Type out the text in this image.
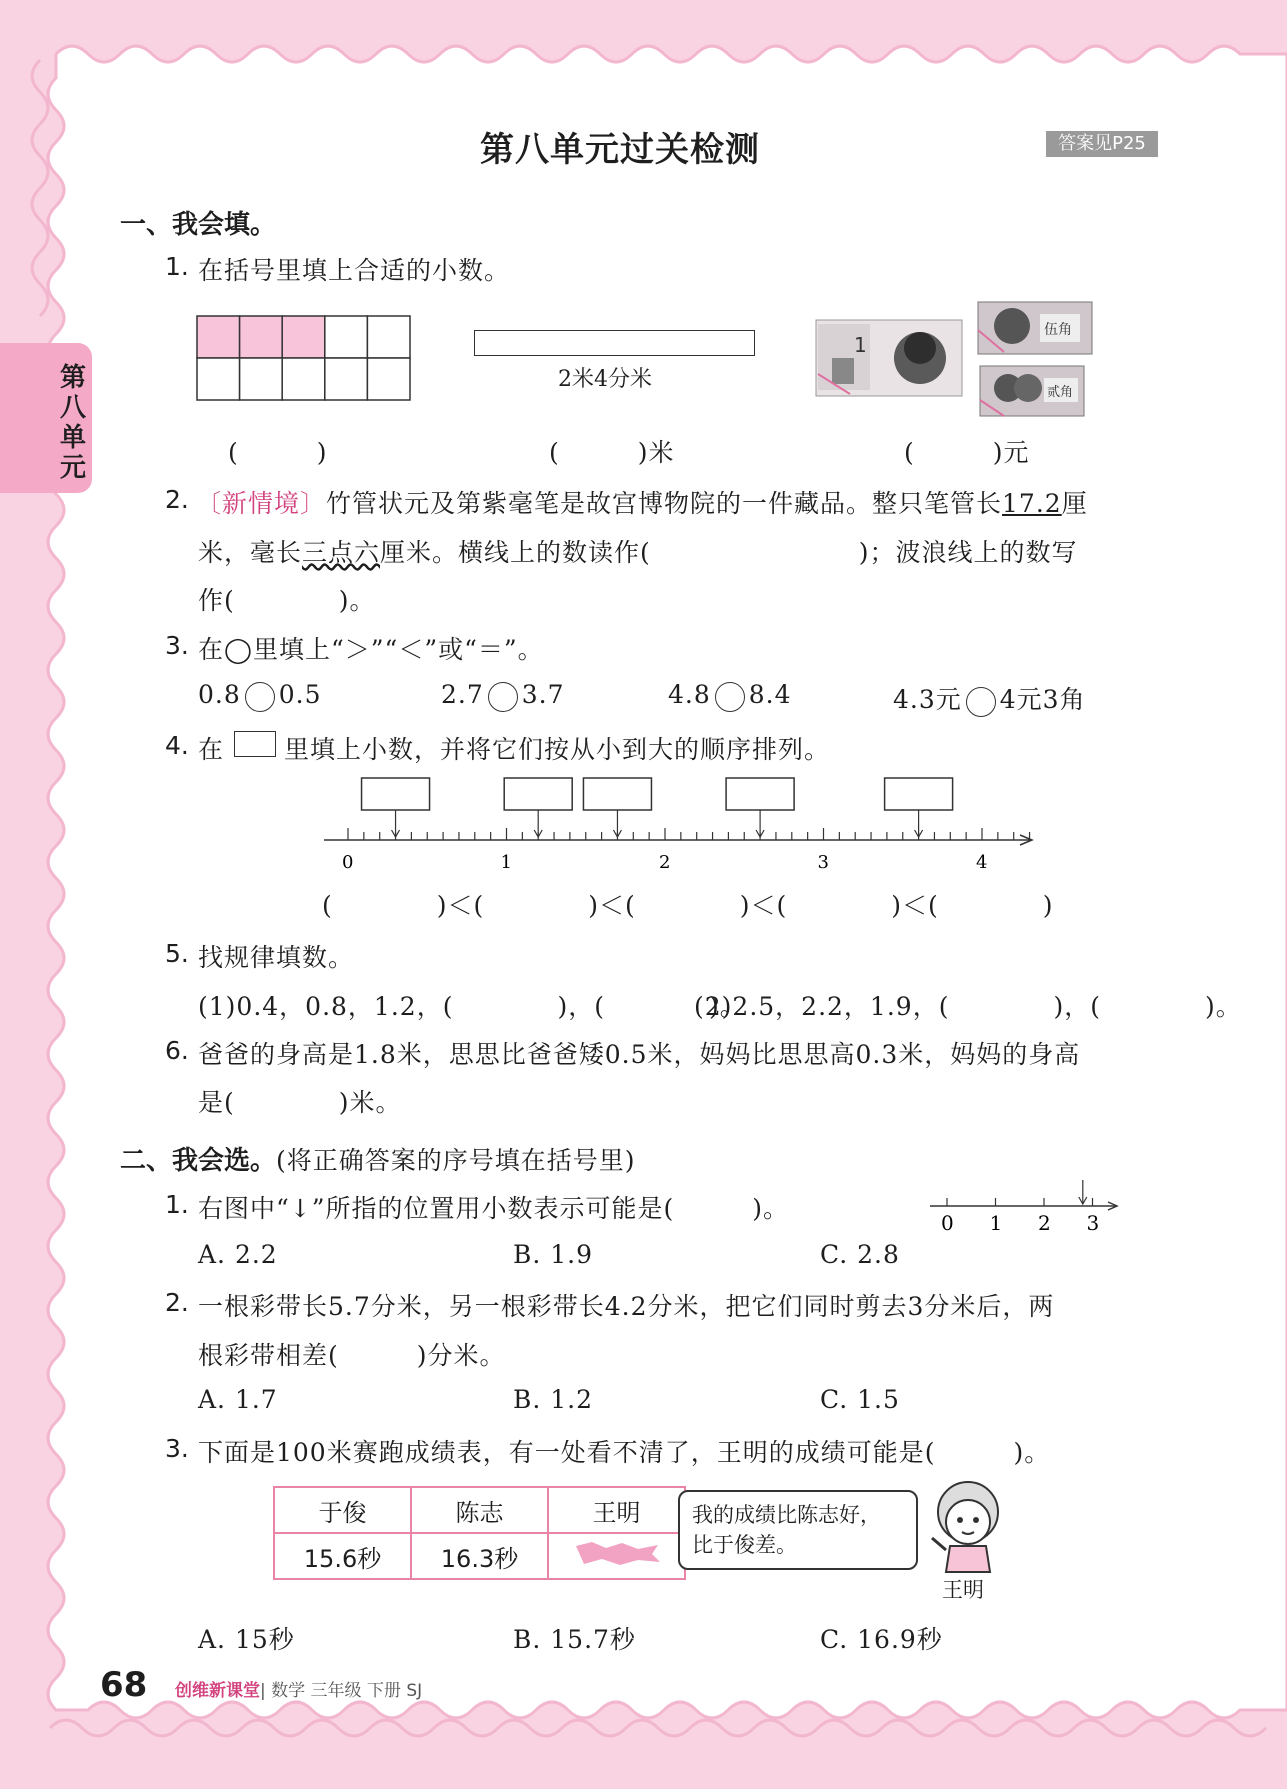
第八单元
第八单元过关检测	答案见P25
一、我会填。
1. 在括号里填上合适的小数。
2米4分米
1
伍角
贰角
(　　　)	(　　　)米	(　　　)元
2. 〔新情境〕竹管状元及第紫毫笔是故宫博物院的一件藏品。整只笔管长17.2厘
米，毫长三点六厘米。横线上的数读作(　　　　　　　　)；波浪线上的数写
作(　　　　)。
3. 在◯里填上“＞”“＜”或“＝”。
0.8 0.5	2.7 3.7	4.8 8.4	4.3元 4元3角
4. 在 里填上小数，并将它们按从小到大的顺序排列。
0	1	2	3	4
(　　　　)＜(　　　　)＜(　　　　)＜(　　　　)＜(　　　　)
5. 找规律填数。
(1)0.4，0.8，1.2，(　　　　)，(　　　　)。
(2)2.5，2.2，1.9，(　　　　)，(　　　　)。
6. 爸爸的身高是1.8米，思思比爸爸矮0.5米，妈妈比思思高0.3米，妈妈的身高
是(　　　　)米。
二、我会选。(将正确答案的序号填在括号里)
1. 右图中“↓”所指的位置用小数表示可能是(　　　)。	0 1 2 3
A. 2.2	B. 1.9	C. 2.8
2. 一根彩带长5.7分米，另一根彩带长4.2分米，把它们同时剪去3分米后，两
根彩带相差(　　　)分米。
A. 1.7	B. 1.2	C. 1.5
3. 下面是100米赛跑成绩表，有一处看不清了，王明的成绩可能是(　　　)。
于俊	陈志	王明
15.6秒	16.3秒	
我的成绩比陈志好，
比于俊差。
王明
A. 15秒	B. 15.7秒	C. 16.9秒
68 创维新课堂| 数学 三年级 下册 SJ
